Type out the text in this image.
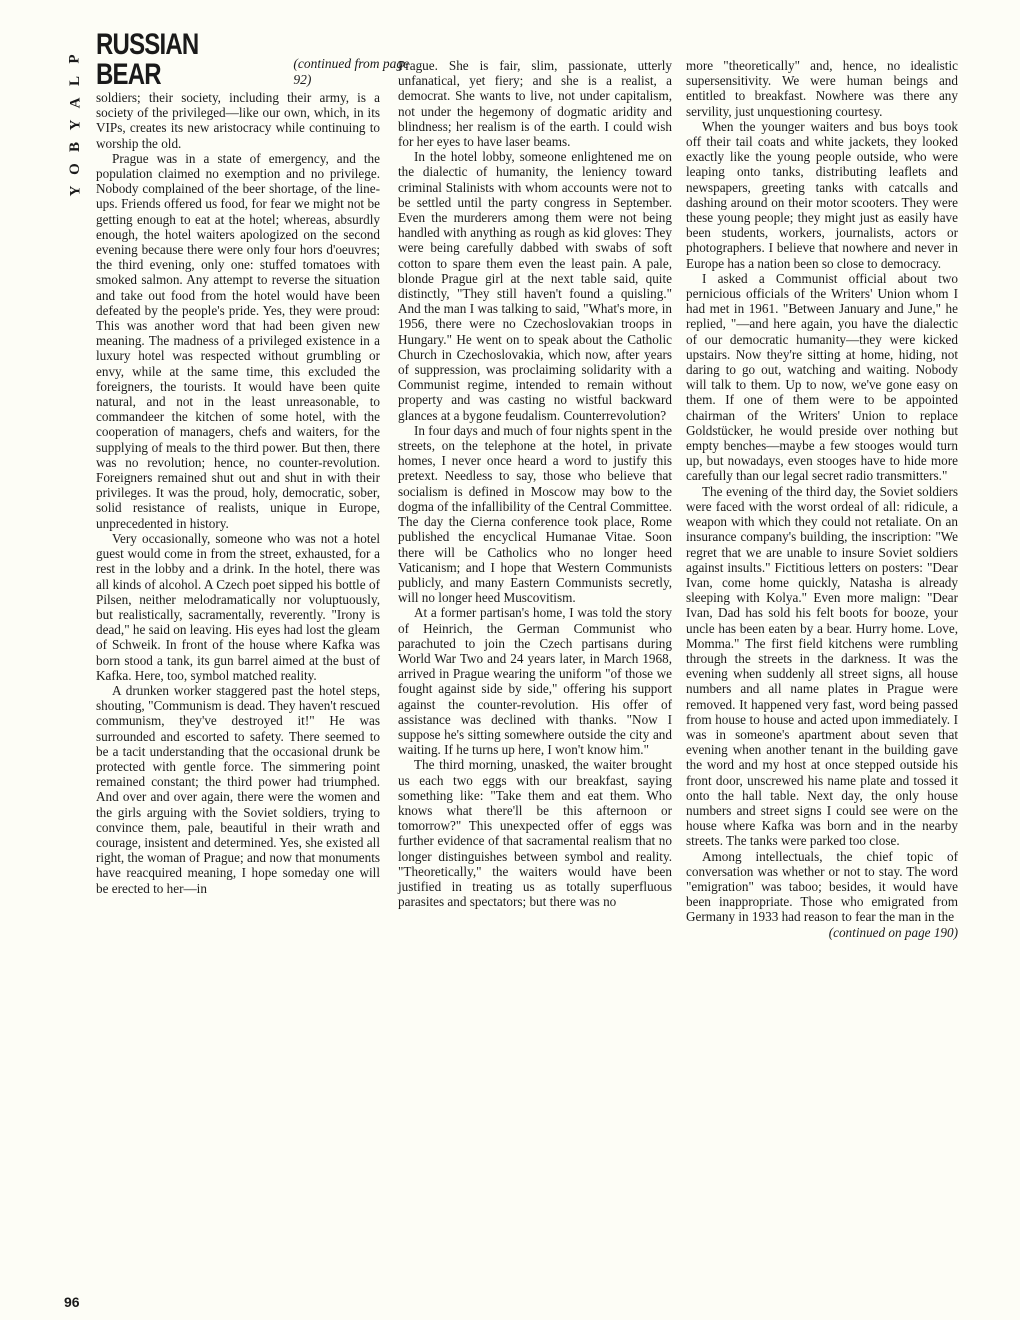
P
L
A
Y
B
O
Y
RUSSIAN BEAR	(continued from page 92)

soldiers; their society, including their army, is a society of the privileged—like our own, which, in its VIPs, creates its new aristocracy while continuing to worship the old.

Prague was in a state of emergency, and the population claimed no exemption and no privilege. Nobody complained of the beer shortage, of the line-ups. Friends offered us food, for fear we might not be getting enough to eat at the hotel; whereas, absurdly enough, the hotel waiters apologized on the second evening because there were only four hors d'oeuvres; the third evening, only one: stuffed tomatoes with smoked salmon. Any attempt to reverse the situation and take out food from the hotel would have been defeated by the people's pride. Yes, they were proud: This was another word that had been given new meaning. The madness of a privileged existence in a luxury hotel was respected without grumbling or envy, while at the same time, this excluded the foreigners, the tourists. It would have been quite natural, and not in the least unreasonable, to commandeer the kitchen of some hotel, with the cooperation of managers, chefs and waiters, for the supplying of meals to the third power. But then, there was no revolution; hence, no counter-revolution. Foreigners remained shut out and shut in with their privileges. It was the proud, holy, democratic, sober, solid resistance of realists, unique in Europe, unprecedented in history.

Very occasionally, someone who was not a hotel guest would come in from the street, exhausted, for a rest in the lobby and a drink. In the hotel, there was all kinds of alcohol. A Czech poet sipped his bottle of Pilsen, neither melodramatically nor voluptuously, but realistically, sacramentally, reverently. "Irony is dead," he said on leaving. His eyes had lost the gleam of Schweik. In front of the house where Kafka was born stood a tank, its gun barrel aimed at the bust of Kafka. Here, too, symbol matched reality.

A drunken worker staggered past the hotel steps, shouting, "Communism is dead. They haven't rescued communism, they've destroyed it!" He was surrounded and escorted to safety. There seemed to be a tacit understanding that the occasional drunk be protected with gentle force. The simmering point remained constant; the third power had triumphed. And over and over again, there were the women and the girls arguing with the Soviet soldiers, trying to convince them, pale, beautiful in their wrath and courage, insistent and determined. Yes, she existed all right, the woman of Prague; and now that monuments have reacquired meaning, I hope someday one will be erected to her—in

Prague. She is fair, slim, passionate, utterly unfanatical, yet fiery; and she is a realist, a democrat. She wants to live, not under capitalism, not under the hegemony of dogmatic aridity and blindness; her realism is of the earth. I could wish for her eyes to have laser beams.

In the hotel lobby, someone enlightened me on the dialectic of humanity, the leniency toward criminal Stalinists with whom accounts were not to be settled until the party congress in September. Even the murderers among them were not being handled with anything as rough as kid gloves: They were being carefully dabbed with swabs of soft cotton to spare them even the least pain. A pale, blonde Prague girl at the next table said, quite distinctly, "They still haven't found a quisling." And the man I was talking to said, "What's more, in 1956, there were no Czechoslovakian troops in Hungary." He went on to speak about the Catholic Church in Czechoslovakia, which now, after years of suppression, was proclaiming solidarity with a Communist regime, intended to remain without property and was casting no wistful backward glances at a bygone feudalism. Counterrevolution?

In four days and much of four nights spent in the streets, on the telephone at the hotel, in private homes, I never once heard a word to justify this pretext. Needless to say, those who believe that socialism is defined in Moscow may bow to the dogma of the infallibility of the Central Committee. The day the Cierna conference took place, Rome published the encyclical Humanae Vitae. Soon there will be Catholics who no longer heed Vaticanism; and I hope that Western Communists publicly, and many Eastern Communists secretly, will no longer heed Muscovitism.

At a former partisan's home, I was told the story of Heinrich, the German Communist who parachuted to join the Czech partisans during World War Two and 24 years later, in March 1968, arrived in Prague wearing the uniform "of those we fought against side by side," offering his support against the counter-revolution. His offer of assistance was declined with thanks. "Now I suppose he's sitting somewhere outside the city and waiting. If he turns up here, I won't know him."

The third morning, unasked, the waiter brought us each two eggs with our breakfast, saying something like: "Take them and eat them. Who knows what there'll be this afternoon or tomorrow?" This unexpected offer of eggs was further evidence of that sacramental realism that no longer distinguishes between symbol and reality. "Theoretically," the waiters would have been justified in treating us as totally superfluous parasites and spectators; but there was no

more "theoretically" and, hence, no idealistic supersensitivity. We were human beings and entitled to breakfast. Nowhere was there any servility, just unquestioning courtesy.

When the younger waiters and bus boys took off their tail coats and white jackets, they looked exactly like the young people outside, who were leaping onto tanks, distributing leaflets and newspapers, greeting tanks with catcalls and dashing around on their motor scooters. They were these young people; they might just as easily have been students, workers, journalists, actors or photographers. I believe that nowhere and never in Europe has a nation been so close to democracy.

I asked a Communist official about two pernicious officials of the Writers' Union whom I had met in 1961. "Between January and June," he replied, "—and here again, you have the dialectic of our democratic humanity—they were kicked upstairs. Now they're sitting at home, hiding, not daring to go out, watching and waiting. Nobody will talk to them. Up to now, we've gone easy on them. If one of them were to be appointed chairman of the Writers' Union to replace Goldstücker, he would preside over nothing but empty benches—maybe a few stooges would turn up, but nowadays, even stooges have to hide more carefully than our legal secret radio transmitters."

The evening of the third day, the Soviet soldiers were faced with the worst ordeal of all: ridicule, a weapon with which they could not retaliate. On an insurance company's building, the inscription: "We regret that we are unable to insure Soviet soldiers against insults." Fictitious letters on posters: "Dear Ivan, come home quickly, Natasha is already sleeping with Kolya." Even more malign: "Dear Ivan, Dad has sold his felt boots for booze, your uncle has been eaten by a bear. Hurry home. Love, Momma." The first field kitchens were rumbling through the streets in the darkness. It was the evening when suddenly all street signs, all house numbers and all name plates in Prague were removed. It happened very fast, word being passed from house to house and acted upon immediately. I was in someone's apartment about seven that evening when another tenant in the building gave the word and my host at once stepped outside his front door, unscrewed his name plate and tossed it onto the hall table. Next day, the only house numbers and street signs I could see were on the house where Kafka was born and in the nearby streets. The tanks were parked too close.

Among intellectuals, the chief topic of conversation was whether or not to stay. The word "emigration" was taboo; besides, it would have been inappropriate. Those who emigrated from Germany in 1933 had reason to fear the man in the

(continued on page 190)

96
